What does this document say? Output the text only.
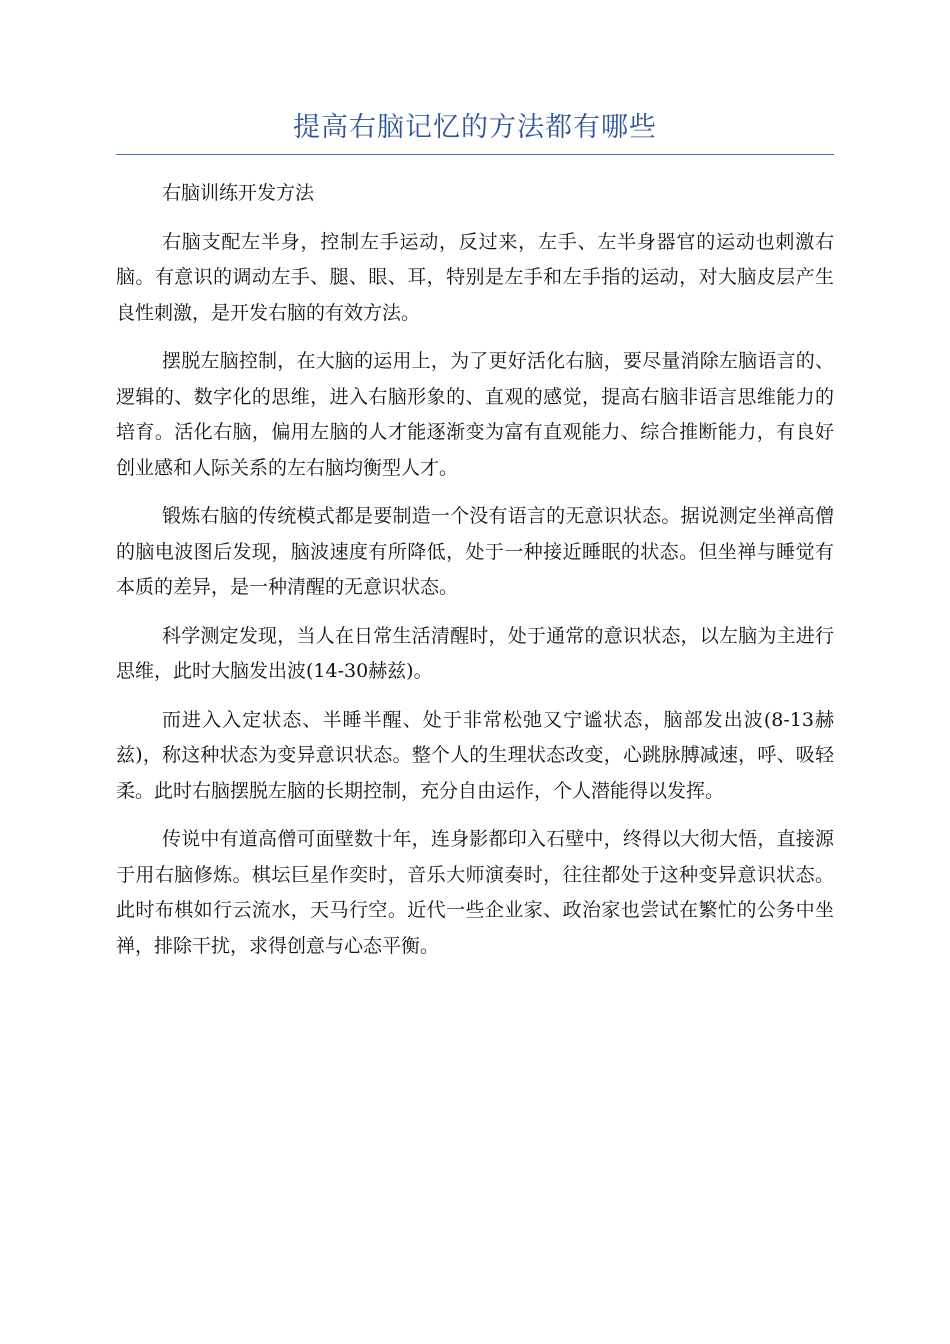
提高右脑记忆的方法都有哪些

右脑训练开发方法

右脑支配左半身，控制左手运动，反过来，左手、左半身器官的运动也刺激右脑。有意识的调动左手、腿、眼、耳，特别是左手和左手指的运动，对大脑皮层产生良性刺激，是开发右脑的有效方法。

摆脱左脑控制，在大脑的运用上，为了更好活化右脑，要尽量消除左脑语言的、逻辑的、数字化的思维，进入右脑形象的、直观的感觉，提高右脑非语言思维能力的培育。活化右脑，偏用左脑的人才能逐渐变为富有直观能力、综合推断能力，有良好创业感和人际关系的左右脑均衡型人才。

锻炼右脑的传统模式都是要制造一个没有语言的无意识状态。据说测定坐禅高僧的脑电波图后发现，脑波速度有所降低，处于一种接近睡眠的状态。但坐禅与睡觉有本质的差异，是一种清醒的无意识状态。

科学测定发现，当人在日常生活清醒时，处于通常的意识状态，以左脑为主进行思维，此时大脑发出波(14-30赫兹)。

而进入入定状态、半睡半醒、处于非常松弛又宁谧状态，脑部发出波(8-13赫兹)，称这种状态为变异意识状态。整个人的生理状态改变，心跳脉膊减速，呼、吸轻柔。此时右脑摆脱左脑的长期控制，充分自由运作，个人潜能得以发挥。

传说中有道高僧可面壁数十年，连身影都印入石壁中，终得以大彻大悟，直接源于用右脑修炼。棋坛巨星作奕时，音乐大师演奏时，往往都处于这种变异意识状态。此时布棋如行云流水，天马行空。近代一些企业家、政治家也尝试在繁忙的公务中坐禅，排除干扰，求得创意与心态平衡。
